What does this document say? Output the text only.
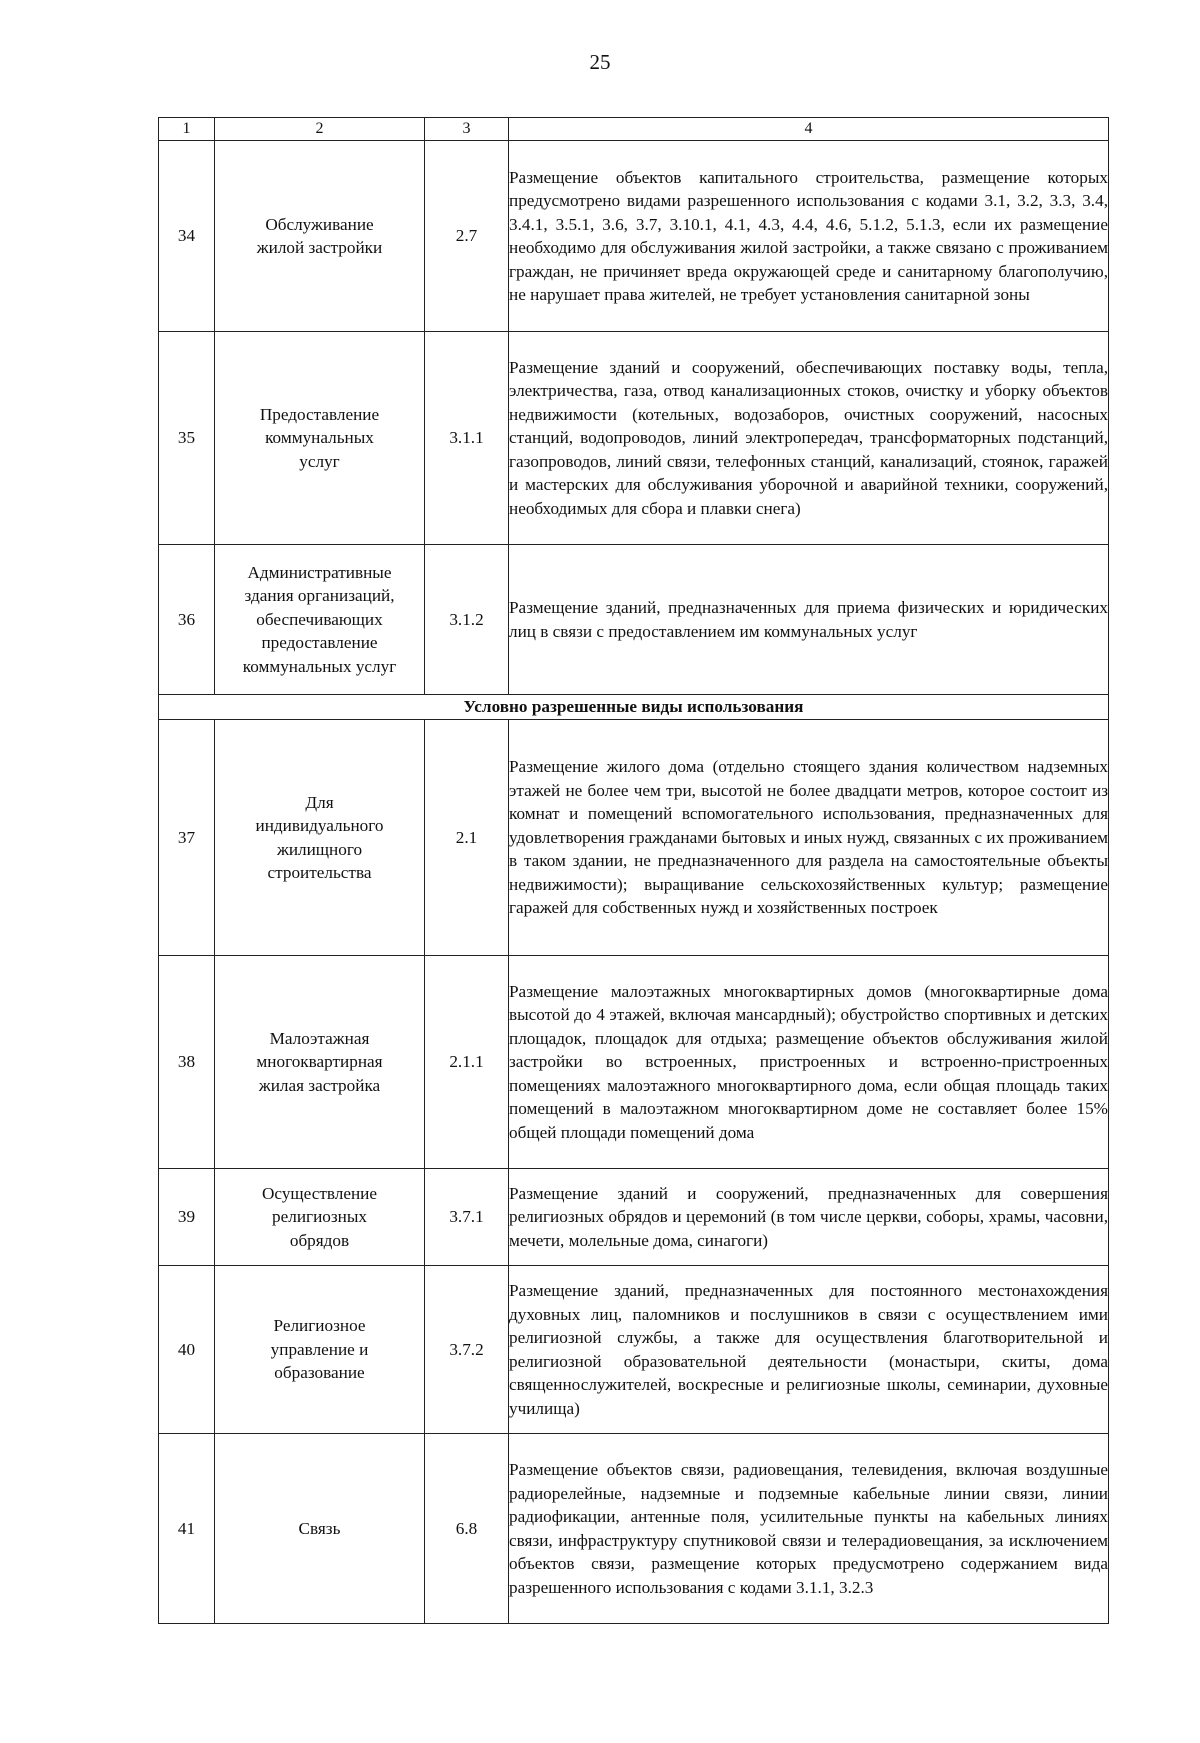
25
1	2	3	4
34	Обслуживание жилой застройки	2.7	Размещение объектов капитального строительства, размещение которых предусмотрено видами разрешенного использования с кодами 3.1, 3.2, 3.3, 3.4, 3.4.1, 3.5.1, 3.6, 3.7, 3.10.1, 4.1, 4.3, 4.4, 4.6, 5.1.2, 5.1.3, если их размещение необходимо для обслуживания жилой застройки, а также связано с проживанием граждан, не причиняет вреда окружающей среде и санитарному благополучию, не нарушает права жителей, не требует установления санитарной зоны
35	Предоставление коммунальных услуг	3.1.1	Размещение зданий и сооружений, обеспечивающих поставку воды, тепла, электричества, газа, отвод канализационных стоков, очистку и уборку объектов недвижимости (котельных, водозаборов, очистных сооружений, насосных станций, водопроводов, линий электропередач, трансформаторных подстанций, газопроводов, линий связи, телефонных станций, канализаций, стоянок, гаражей и мастерских для обслуживания уборочной и аварийной техники, сооружений, необходимых для сбора и плавки снега)
36	Административные здания организаций, обеспечивающих предоставление коммунальных услуг	3.1.2	Размещение зданий, предназначенных для приема физических и юридических лиц в связи с предоставлением им коммунальных услуг
Условно разрешенные виды использования			
37	Для индивидуального жилищного строительства	2.1	Размещение жилого дома (отдельно стоящего здания количеством надземных этажей не более чем три, высотой не более двадцати метров, которое состоит из комнат и помещений вспомогательного использования, предназначенных для удовлетворения гражданами бытовых и иных нужд, связанных с их проживанием в таком здании, не предназначенного для раздела на самостоятельные объекты недвижимости); выращивание сельскохозяйственных культур; размещение гаражей для собственных нужд и хозяйственных построек
38	Малоэтажная многоквартирная жилая застройка	2.1.1	Размещение малоэтажных многоквартирных домов (многоквартирные дома высотой до 4 этажей, включая мансардный); обустройство спортивных и детских площадок, площадок для отдыха; размещение объектов обслуживания жилой застройки во встроенных, пристроенных и встроенно-пристроенных помещениях малоэтажного многоквартирного дома, если общая площадь таких помещений в малоэтажном многоквартирном доме не составляет более 15% общей площади помещений дома
39	Осуществление религиозных обрядов	3.7.1	Размещение зданий и сооружений, предназначенных для совершения религиозных обрядов и церемоний (в том числе церкви, соборы, храмы, часовни, мечети, молельные дома, синагоги)
40	Религиозное управление и образование	3.7.2	Размещение зданий, предназначенных для постоянного местонахождения духовных лиц, паломников и послушников в связи с осуществлением ими религиозной службы, а также для осуществления благотворительной и религиозной образовательной деятельности (монастыри, скиты, дома священнослужителей, воскресные и религиозные школы, семинарии, духовные училища)
41	Связь	6.8	Размещение объектов связи, радиовещания, телевидения, включая воздушные радиорелейные, надземные и подземные кабельные линии связи, линии радиофикации, антенные поля, усилительные пункты на кабельных линиях связи, инфраструктуру спутниковой связи и телерадиовещания, за исключением объектов связи, размещение которых предусмотрено содержанием вида разрешенного использования с кодами 3.1.1, 3.2.3
